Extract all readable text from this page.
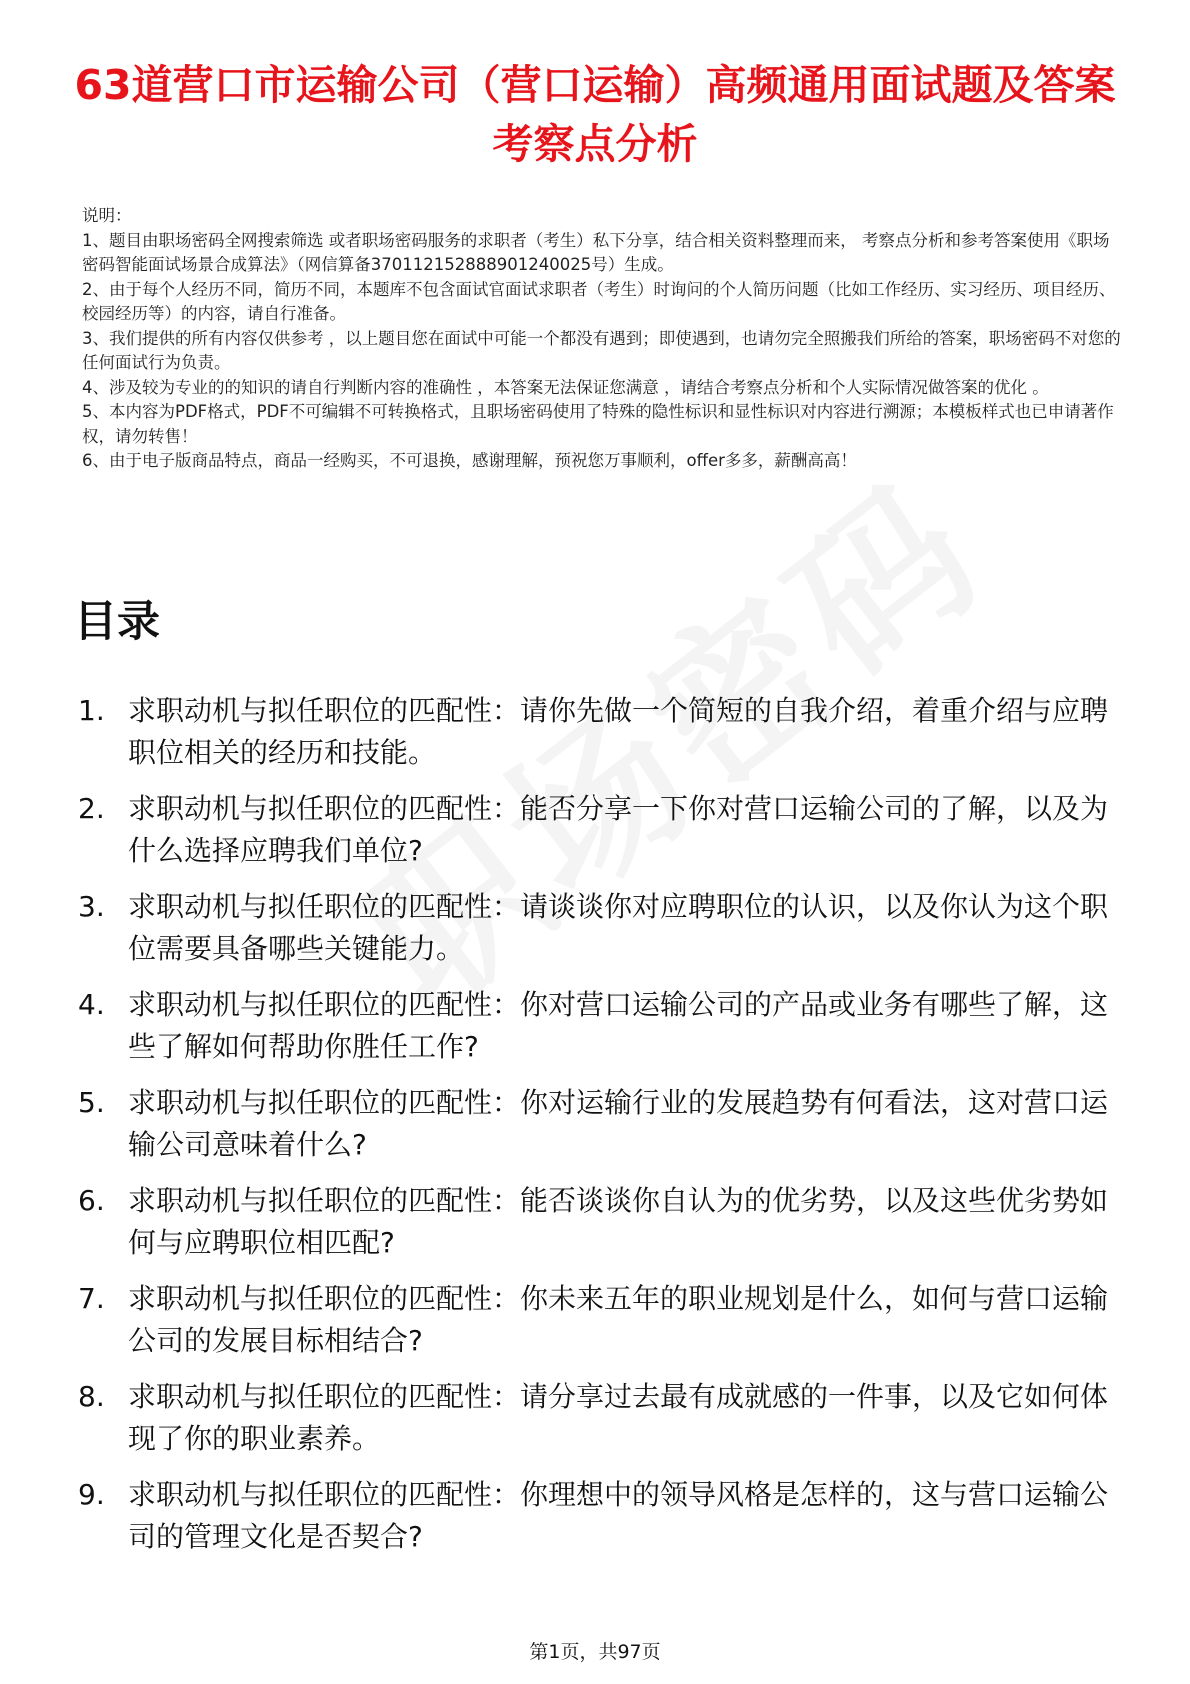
63道营口市运输公司（营口运输）高频通用面试题及答案考察点分析

说明：

1、题目由职场密码全网搜索筛选 或者职场密码服务的求职者（考生）私下分享，结合相关资料整理而来， 考察点分析和参考答案使用《职场密码智能面试场景合成算法》（网信算备370112152888901240025号）生成。

2、由于每个人经历不同，简历不同，本题库不包含面试官面试求职者（考生）时询问的个人简历问题（比如工作经历、实习经历、项目经历、校园经历等）的内容，请自行准备。

3、我们提供的所有内容仅供参考 ，以上题目您在面试中可能一个都没有遇到；即使遇到，也请勿完全照搬我们所给的答案，职场密码不对您的任何面试行为负责。

4、涉及较为专业的的知识的请自行判断内容的准确性 ，本答案无法保证您满意 ，请结合考察点分析和个人实际情况做答案的优化 。

5、本内容为PDF格式，PDF不可编辑不可转换格式，且职场密码使用了特殊的隐性标识和显性标识对内容进行溯源；本模板样式也已申请著作权，请勿转售！

6、由于电子版商品特点，商品一经购买，不可退换，感谢理解，预祝您万事顺利，offer多多，薪酬高高！

目录
1. 求职动机与拟任职位的匹配性：请你先做一个简短的自我介绍，着重介绍与应聘职位相关的经历和技能。
2. 求职动机与拟任职位的匹配性：能否分享一下你对营口运输公司的了解，以及为什么选择应聘我们单位?
3. 求职动机与拟任职位的匹配性：请谈谈你对应聘职位的认识，以及你认为这个职位需要具备哪些关键能力。
4. 求职动机与拟任职位的匹配性：你对营口运输公司的产品或业务有哪些了解，这些了解如何帮助你胜任工作?
5. 求职动机与拟任职位的匹配性：你对运输行业的发展趋势有何看法，这对营口运输公司意味着什么?
6. 求职动机与拟任职位的匹配性：能否谈谈你自认为的优劣势，以及这些优劣势如何与应聘职位相匹配?
7. 求职动机与拟任职位的匹配性：你未来五年的职业规划是什么，如何与营口运输公司的发展目标相结合?
8. 求职动机与拟任职位的匹配性：请分享过去最有成就感的一件事，以及它如何体现了你的职业素养。
9. 求职动机与拟任职位的匹配性：你理想中的领导风格是怎样的，这与营口运输公司的管理文化是否契合?
第1页，共97页
